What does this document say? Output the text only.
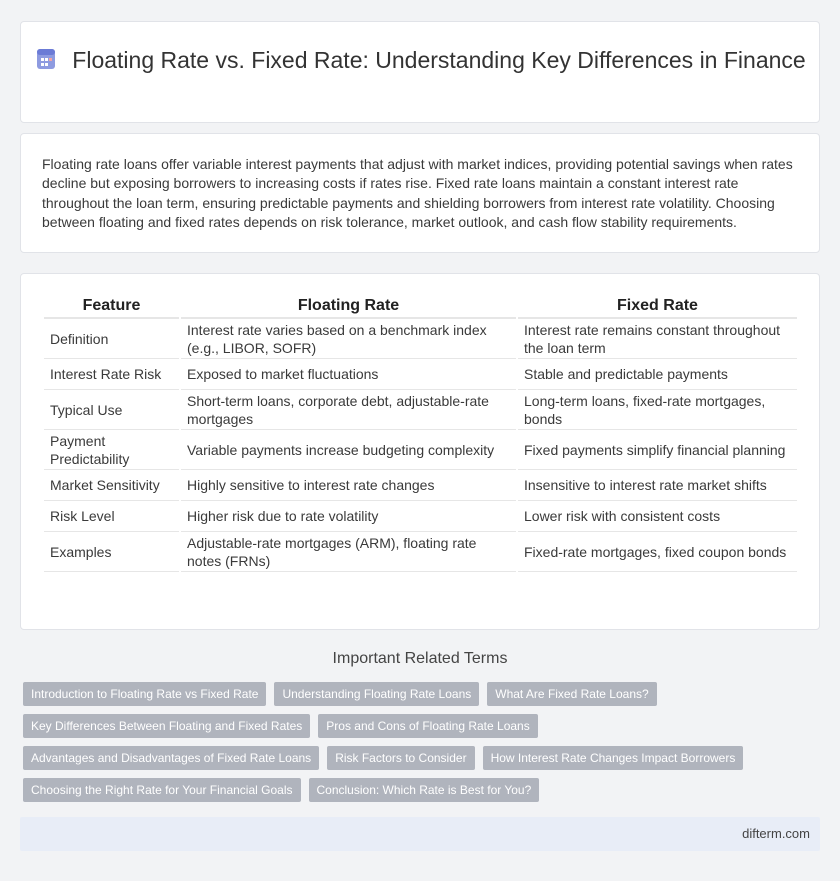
Floating Rate vs. Fixed Rate: Understanding Key Differences in Finance

Floating rate loans offer variable interest payments that adjust with market indices, providing potential savings when rates decline but exposing borrowers to increasing costs if rates rise. Fixed rate loans maintain a constant interest rate throughout the loan term, ensuring predictable payments and shielding borrowers from interest rate volatility. Choosing between floating and fixed rates depends on risk tolerance, market outlook, and cash flow stability requirements.

Feature	Floating Rate	Fixed Rate
Definition	Interest rate varies based on a benchmark index (e.g., LIBOR, SOFR)	Interest rate remains constant throughout the loan term
Interest Rate Risk	Exposed to market fluctuations	Stable and predictable payments
Typical Use	Short-term loans, corporate debt, adjustable-rate mortgages	Long-term loans, fixed-rate mortgages, bonds
Payment Predictability	Variable payments increase budgeting complexity	Fixed payments simplify financial planning
Market Sensitivity	Highly sensitive to interest rate changes	Insensitive to interest rate market shifts
Risk Level	Higher risk due to rate volatility	Lower risk with consistent costs
Examples	Adjustable-rate mortgages (ARM), floating rate notes (FRNs)	Fixed-rate mortgages, fixed coupon bonds
Important Related Terms
Introduction to Floating Rate vs Fixed Rate	Understanding Floating Rate Loans	What Are Fixed Rate Loans?
Key Differences Between Floating and Fixed Rates	Pros and Cons of Floating Rate Loans
Advantages and Disadvantages of Fixed Rate Loans	Risk Factors to Consider	How Interest Rate Changes Impact Borrowers
Choosing the Right Rate for Your Financial Goals	Conclusion: Which Rate is Best for You?
difterm.com
